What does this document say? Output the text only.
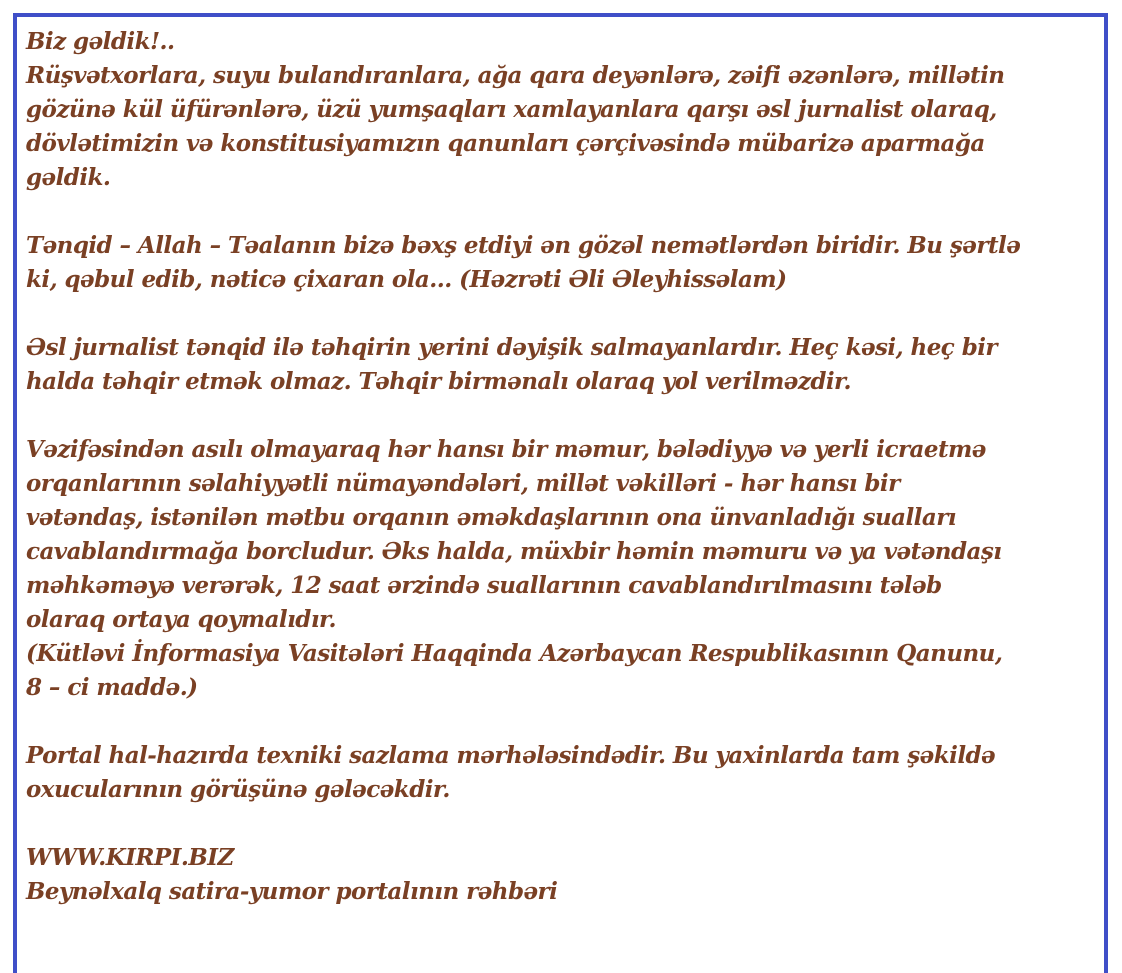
Biz gəldik!..
Rüşvətxorlara, suyu bulandıranlara, ağa qara deyənlərə, zəifi əzənlərə, millətin
gözünə kül üfürənlərə, üzü yumşaqları xamlayanlara qarşı əsl jurnalist olaraq,
dövlətimizin və konstitusiyamızın qanunları çərçivəsində mübarizə aparmağa
gəldik.
Tənqid – Allah – Təalanın bizə bəxş etdiyi ən gözəl nemətlərdən biridir. Bu şərtlə
ki, qəbul edib, nəticə çixaran ola… (Həzrəti Əli Əleyhissəlam)
Əsl jurnalist tənqid ilə təhqirin yerini dəyişik salmayanlardır. Heç kəsi, heç bir
halda təhqir etmək olmaz. Təhqir birmənalı olaraq yol verilməzdir.
Vəzifəsindən asılı olmayaraq hər hansı bir məmur, bələdiyyə və yerli icraetmə
orqanlarının səlahiyyətli nümayəndələri, millət vəkilləri - hər hansı bir
vətəndaş, istənilən mətbu orqanın əməkdaşlarının ona ünvanladığı sualları
cavablandırmağa borcludur. Əks halda, müxbir həmin məmuru və ya vətəndaşı
məhkəməyə verərək, 12 saat ərzində suallarının cavablandırılmasını tələb
olaraq ortaya qoymalıdır.
(Kütləvi İnformasiya Vasitələri Haqqinda Azərbaycan Respublikasının Qanunu,
8 – ci maddə.)
Portal hal-hazırda texniki sazlama mərhələsindədir. Bu yaxinlarda tam şəkildə
oxucularının görüşünə gələcəkdir.
WWW.KIRPI.BIZ
Beynəlxalq satira-yumor portalının rəhbəri
